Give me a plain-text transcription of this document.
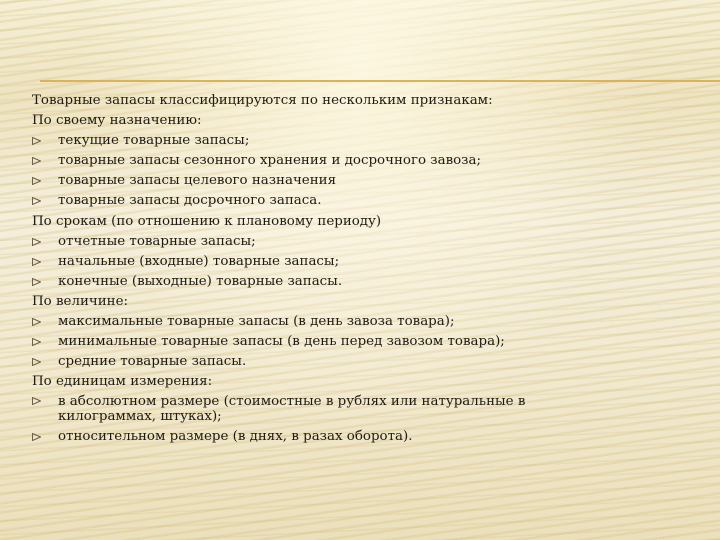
Товарные запасы классифицируются по нескольким признакам:
По своему назначению:
текущие товарные запасы;
товарные запасы сезонного хранения и досрочного завоза;
товарные запасы целевого назначения
товарные запасы досрочного запаса.
По срокам (по отношению к плановому периоду)
отчетные товарные запасы;
начальные (входные) товарные запасы;
конечные (выходные) товарные запасы.
По величине:
максимальные товарные запасы (в день завоза товара);
минимальные товарные запасы (в день перед завозом товара);
средние товарные запасы.
По единицам измерения:
в абсолютном размере (стоимостные в рублях или натуральные в килограммах, штуках);
относительном размере (в днях, в разах оборота).
